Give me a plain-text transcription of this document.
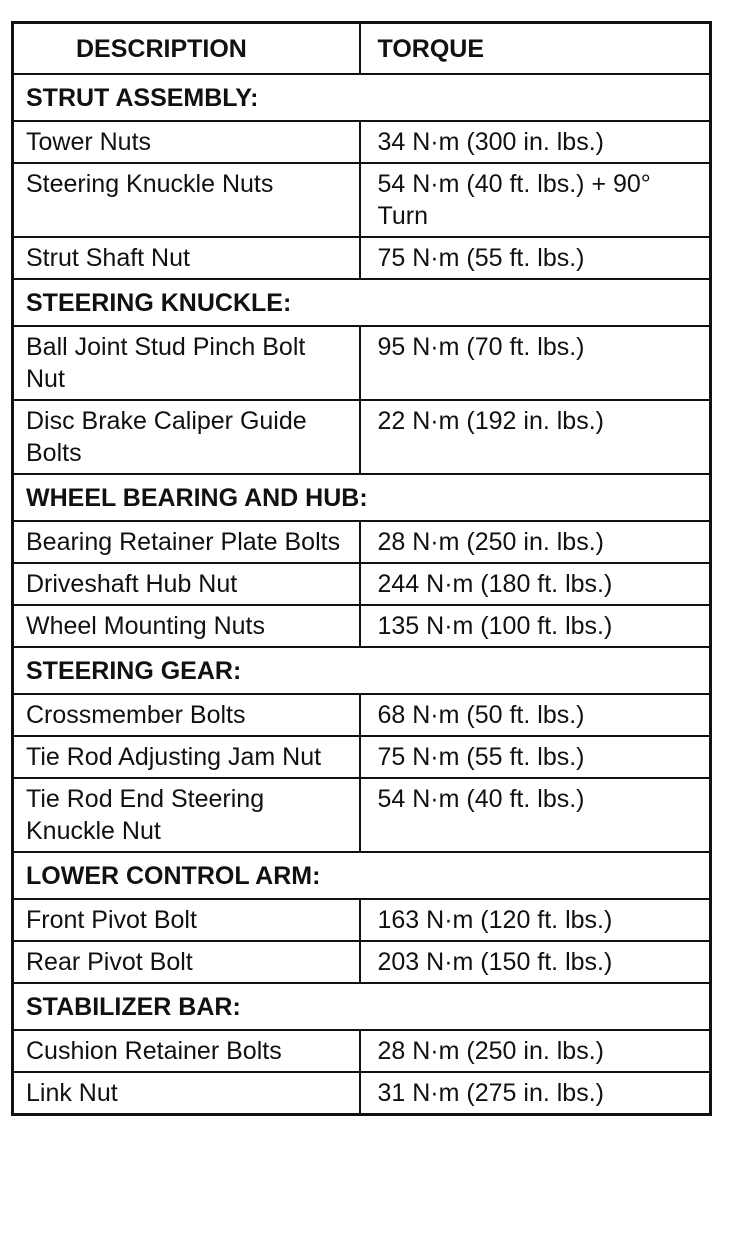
DESCRIPTION	TORQUE
STRUT ASSEMBLY:	
Tower Nuts	34 N·m (300 in. lbs.)
Steering Knuckle Nuts	54 N·m (40 ft. lbs.) + 90° Turn
Strut Shaft Nut	75 N·m (55 ft. lbs.)
STEERING KNUCKLE:	
Ball Joint Stud Pinch Bolt Nut	95 N·m (70 ft. lbs.)
Disc Brake Caliper Guide Bolts	22 N·m (192 in. lbs.)
WHEEL BEARING AND HUB:	
Bearing Retainer Plate Bolts	28 N·m (250 in. lbs.)
Driveshaft Hub Nut	244 N·m (180 ft. lbs.)
Wheel Mounting Nuts	135 N·m (100 ft. lbs.)
STEERING GEAR:	
Crossmember Bolts	68 N·m (50 ft. lbs.)
Tie Rod Adjusting Jam Nut	75 N·m (55 ft. lbs.)
Tie Rod End Steering Knuckle Nut	54 N·m (40 ft. lbs.)
LOWER CONTROL ARM:	
Front Pivot Bolt	163 N·m (120 ft. lbs.)
Rear Pivot Bolt	203 N·m (150 ft. lbs.)
STABILIZER BAR:	
Cushion Retainer Bolts	28 N·m (250 in. lbs.)
Link Nut	31 N·m (275 in. lbs.)
